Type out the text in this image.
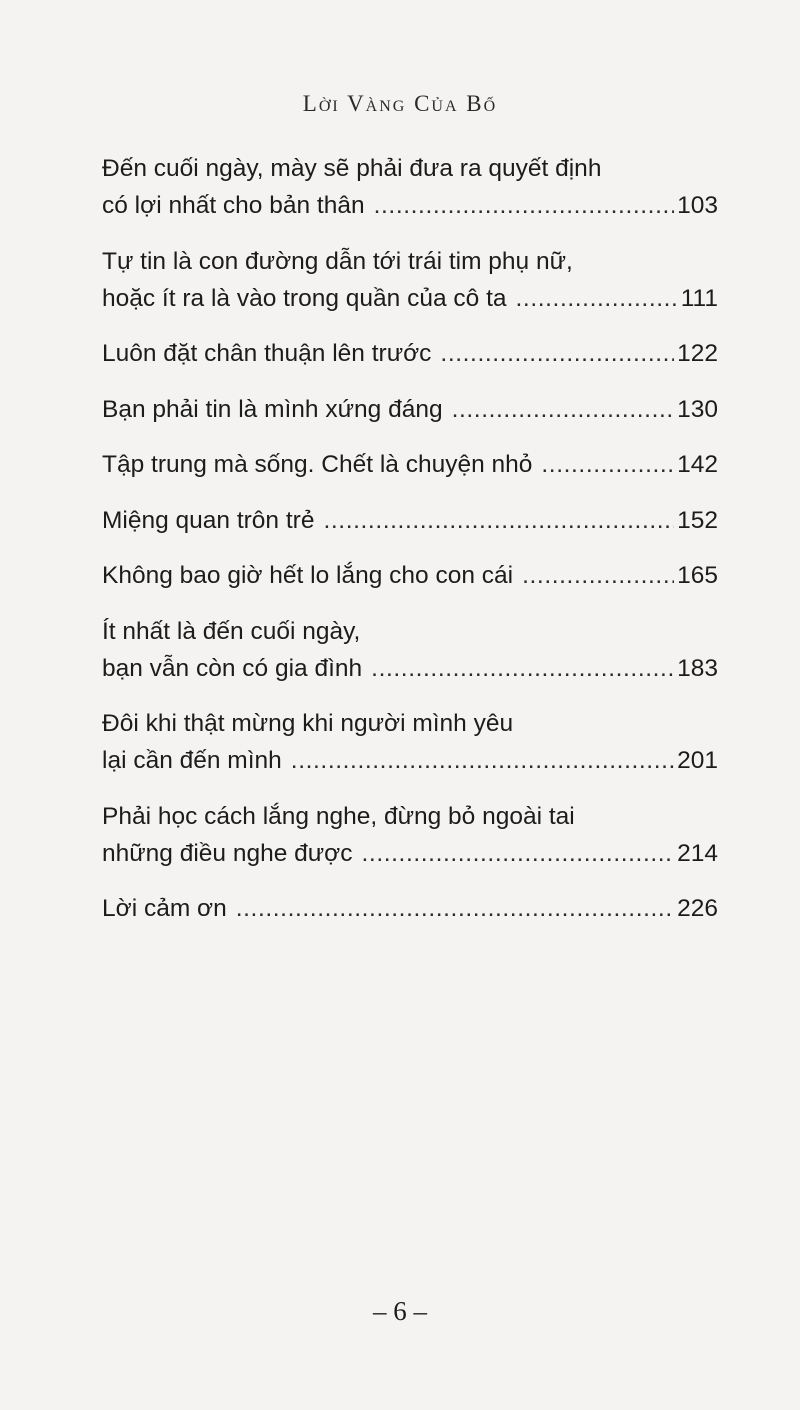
Lời Vàng Của Bố
Đến cuối ngày, mày sẽ phải đưa ra quyết định
có lợi nhất cho bản thân .....	103
Tự tin là con đường dẫn tới trái tim phụ nữ,
hoặc ít ra là vào trong quần của cô ta .....	111
Luôn đặt chân thuận lên trước .....	122
Bạn phải tin là mình xứng đáng .....	130
Tập trung mà sống. Chết là chuyện nhỏ .....	142
Miệng quan trôn trẻ .....	152
Không bao giờ hết lo lắng cho con cái .....	165
Ít nhất là đến cuối ngày,
bạn vẫn còn có gia đình .....	183
Đôi khi thật mừng khi người mình yêu
lại cần đến mình .....	201
Phải học cách lắng nghe, đừng bỏ ngoài tai
những điều nghe được .....	214
Lời cảm ơn .....	226
– 6 –
